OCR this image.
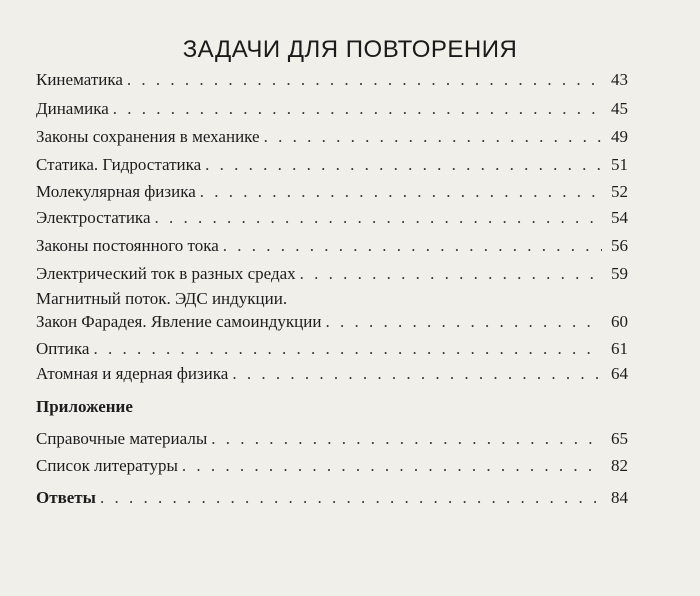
ЗАДАЧИ ДЛЯ ПОВТОРЕНИЯ
Кинематика . . .	43
Динамика . . .	45
Законы сохранения в механике . . .	49
Статика. Гидростатика . . .	51
Молекулярная физика . . .	52
Электростатика . . .	54
Законы постоянного тока . . .	56
Электрический ток в разных средах . . .	59
Магнитный поток. ЭДС индукции.
Закон Фарадея. Явление самоиндукции . . .	60
Оптика . . .	61
Атомная и ядерная физика . . .	64
Приложение
Справочные материалы . . .	65
Список литературы . . .	82
Ответы . . .	84
